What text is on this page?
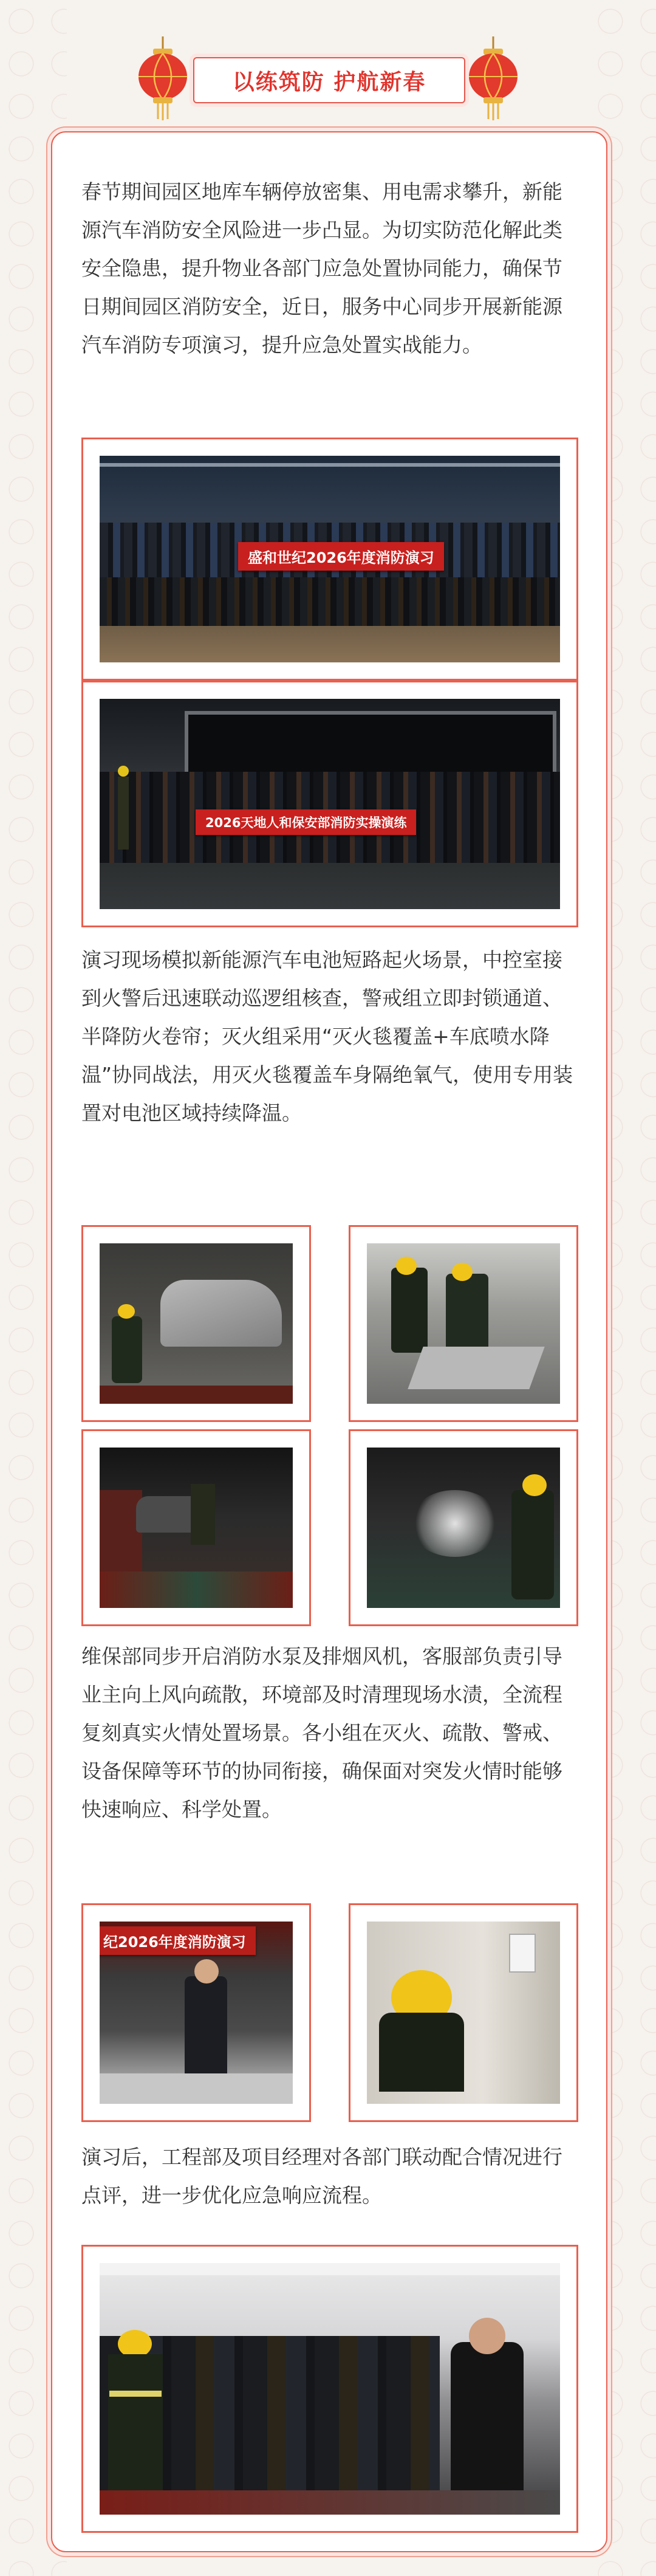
以练筑防 护航新春

春节期间园区地库车辆停放密集、用电需求攀升，新能源汽车消防安全风险进一步凸显。为切实防范化解此类安全隐患，提升物业各部门应急处置协同能力，确保节日期间园区消防安全，近日，服务中心同步开展新能源汽车消防专项演习，提升应急处置实战能力。

盛和世纪2026年度消防演习
2026天地人和保安部消防实操演练

演习现场模拟新能源汽车电池短路起火场景，中控室接到火警后迅速联动巡逻组核查，警戒组立即封锁通道、半降防火卷帘；灭火组采用“灭火毯覆盖+车底喷水降温”协同战法，用灭火毯覆盖车身隔绝氧气，使用专用装置对电池区域持续降温。

维保部同步开启消防水泵及排烟风机，客服部负责引导业主向上风向疏散，环境部及时清理现场水渍，全流程复刻真实火情处置场景。各小组在灭火、疏散、警戒、设备保障等环节的协同衔接，确保面对突发火情时能够快速响应、科学处置。

纪2026年度消防演习

演习后，工程部及项目经理对各部门联动配合情况进行点评，进一步优化应急响应流程。
